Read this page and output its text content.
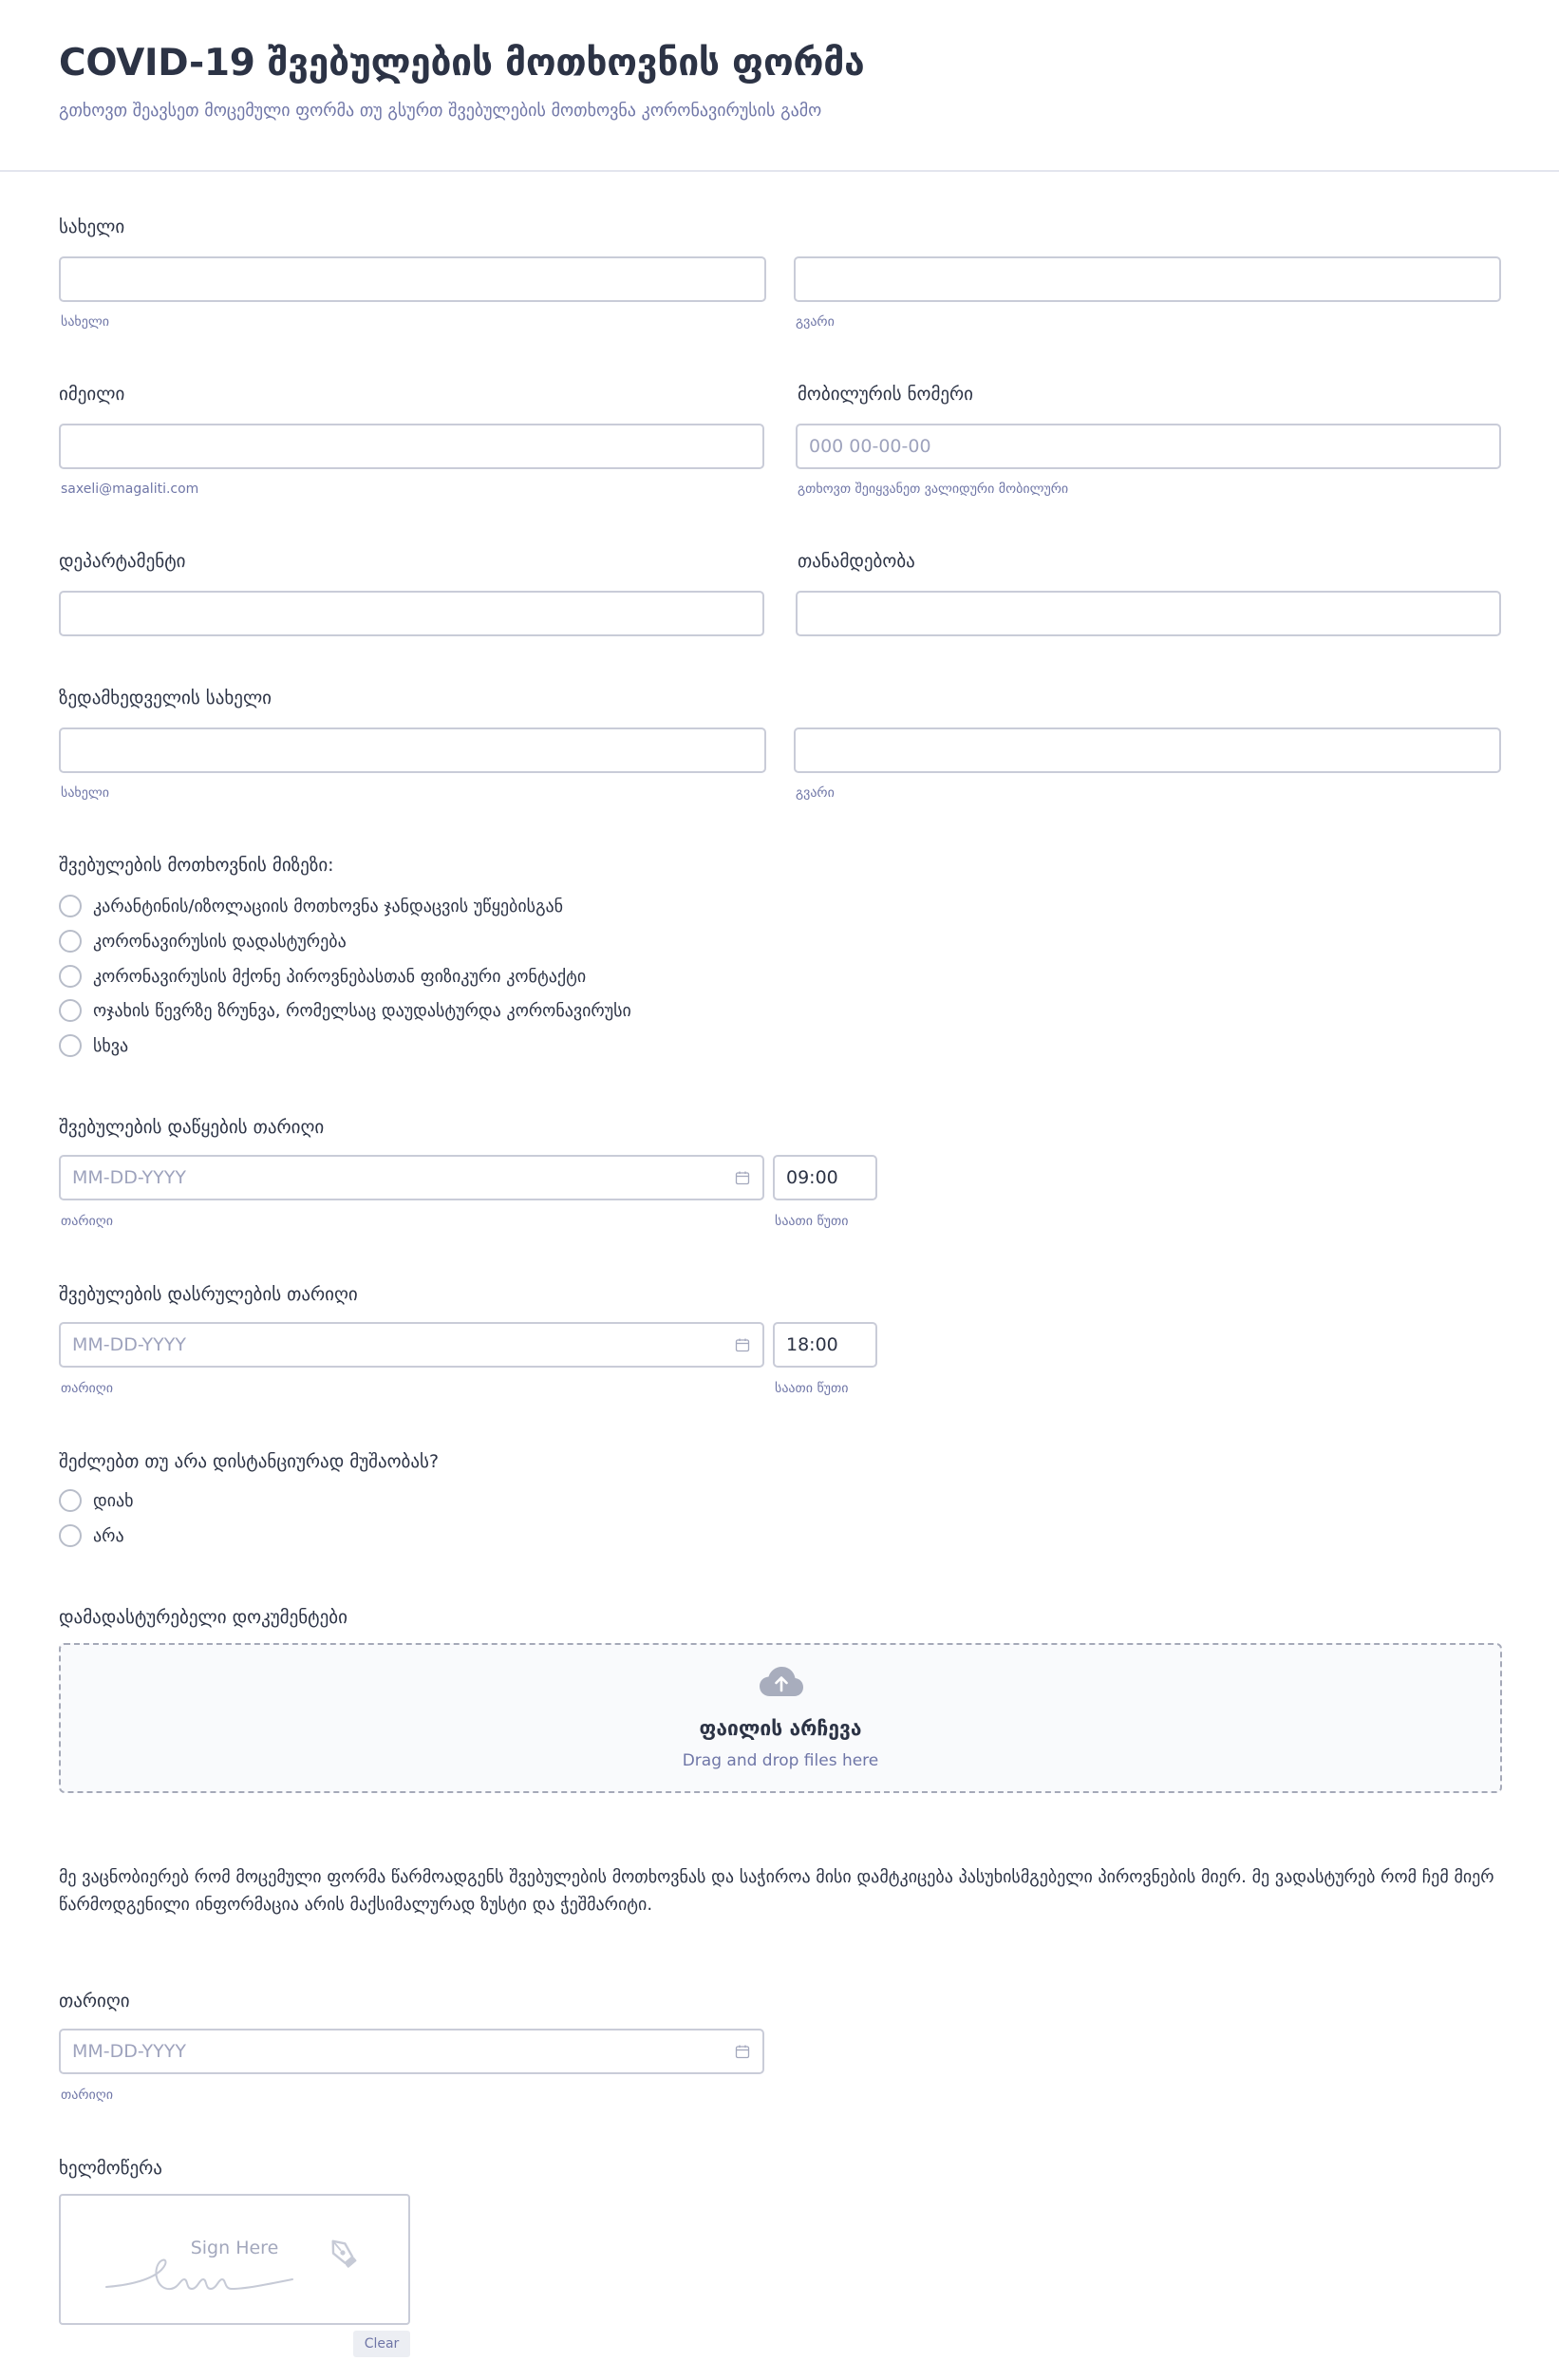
COVID-19 შვებულების მოთხოვნის ფორმა
გთხოვთ შეავსეთ მოცემული ფორმა თუ გსურთ შვებულების მოთხოვნა კორონავირუსის გამო
სახელი
სახელი	გვარი
იმეილი
saxeli@magaliti.com
მობილურის ნომერი
000 00-00-00
გთხოვთ შეიყვანეთ ვალიდური მობილური
დეპარტამენტი	თანამდებობა
ზედამხედველის სახელი
სახელი	გვარი
შვებულების მოთხოვნის მიზეზი:
კარანტინის/იზოლაციის მოთხოვნა ჯანდაცვის უწყებისგან
კორონავირუსის დადასტურება
კორონავირუსის მქონე პიროვნებასთან ფიზიკური კონტაქტი
ოჯახის წევრზე ზრუნვა, რომელსაც დაუდასტურდა კორონავირუსი
სხვა
შვებულების დაწყების თარიღი
MM-DD-YYYY
09:00
თარიღი	საათი წუთი
შვებულების დასრულების თარიღი
MM-DD-YYYY
18:00
თარიღი	საათი წუთი
შეძლებთ თუ არა დისტანციურად მუშაობას?
დიახ
არა
დამადასტურებელი დოკუმენტები
ფაილის არჩევა
Drag and drop files here
მე ვაცნობიერებ რომ მოცემული ფორმა წარმოადგენს შვებულების მოთხოვნას და საჭიროა მისი დამტკიცება პასუხისმგებელი პიროვნების მიერ. მე ვადასტურებ რომ ჩემ მიერ წარმოდგენილი ინფორმაცია არის მაქსიმალურად ზუსტი და ჭეშმარიტი.
თარიღი
MM-DD-YYYY
თარიღი
ხელმოწერა
Sign Here
Clear
